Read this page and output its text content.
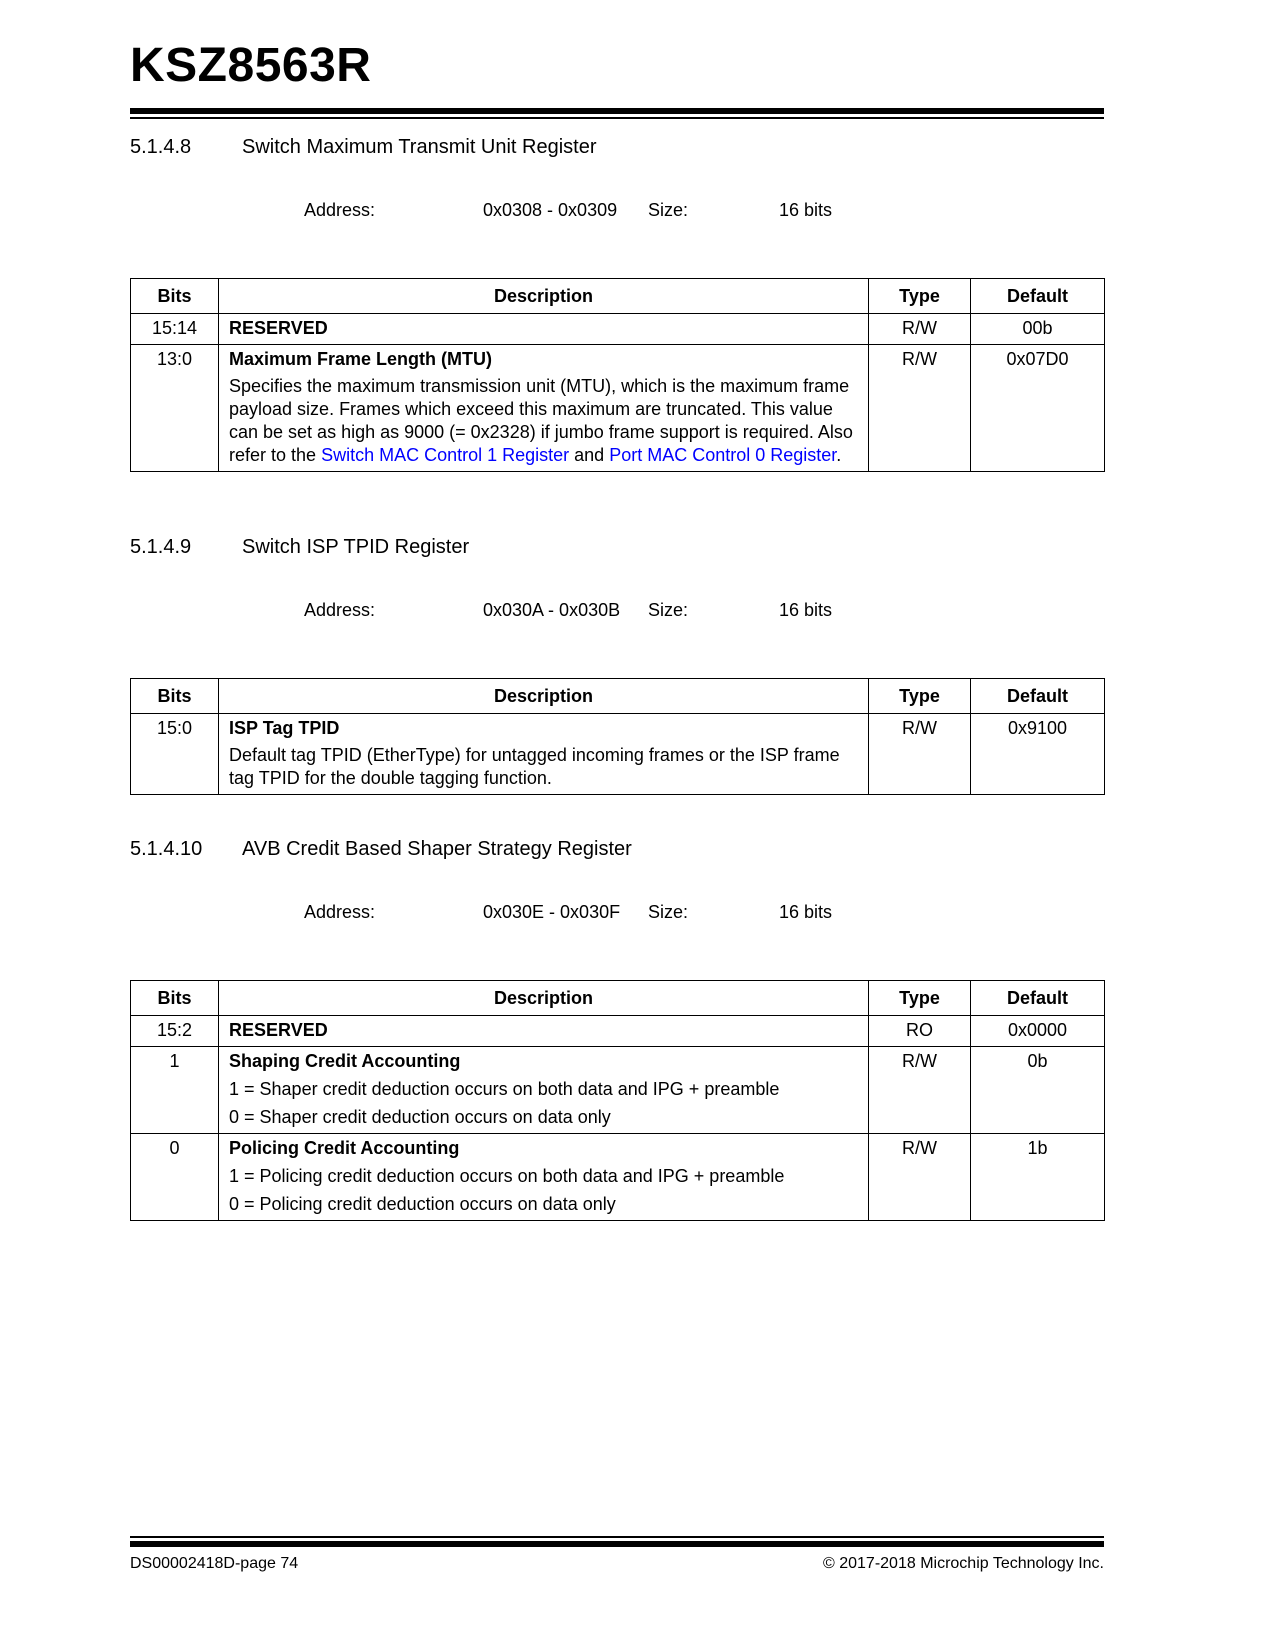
KSZ8563R
5.1.4.8	Switch Maximum Transmit Unit Register
Address:	0x0308 - 0x0309 Size:	16 bits
Bits	Description	Type	Default
15:14	RESERVED	R/W	00b
13:0	Maximum Frame Length (MTU)
Specifies the maximum transmission unit (MTU), which is the maximum frame payload size. Frames which exceed this maximum are truncated. This value can be set as high as 9000 (= 0x2328) if jumbo frame support is required. Also refer to the Switch MAC Control 1 Register and Port MAC Control 0 Register.	R/W	0x07D0
5.1.4.9	Switch ISP TPID Register
Address:	0x030A - 0x030B Size:	16 bits
Bits	Description	Type	Default
15:0	ISP Tag TPID
Default tag TPID (EtherType) for untagged incoming frames or the ISP frame tag TPID for the double tagging function.	R/W	0x9100
5.1.4.10 AVB Credit Based Shaper Strategy Register
Address:	0x030E - 0x030F Size:	16 bits
Bits	Description	Type	Default
15:2	RESERVED	RO	0x0000
1	Shaping Credit Accounting
1 = Shaper credit deduction occurs on both data and IPG + preamble
0 = Shaper credit deduction occurs on data only	R/W	0b
0	Policing Credit Accounting
1 = Policing credit deduction occurs on both data and IPG + preamble
0 = Policing credit deduction occurs on data only	R/W	1b
DS00002418D-page 74	© 2017-2018 Microchip Technology Inc.
